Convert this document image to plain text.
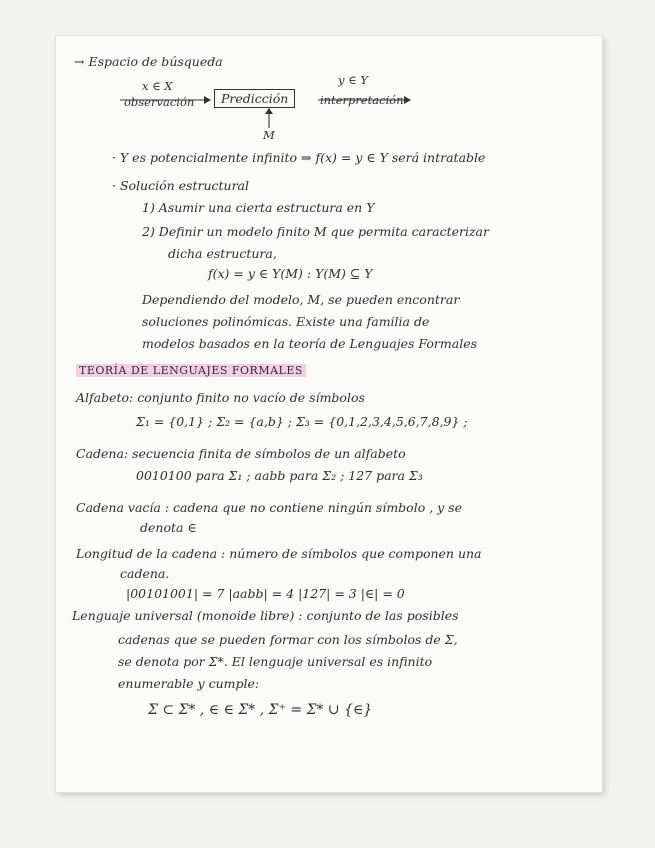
→ Espacio de búsqueda
x ∈ X	y ∈ Y
observación	Predicción	interpretación
M
· Y es potencialmente infinito ⇒ f(x) = y ∈ Y será intratable
· Solución estructural
1) Asumir una cierta estructura en Y
2) Definir un modelo finito M que permita caracterizar
dicha estructura,
f(x) = y ∈ Y(M) : Y(M) ⊆ Y
Dependiendo del modelo, M, se pueden encontrar
soluciones polinómicas. Existe una familia de
modelos basados en la teoría de Lenguajes Formales
TEORÍA DE LENGUAJES FORMALES
Alfabeto: conjunto finito no vacío de símbolos
Σ₁ = {0,1} ; Σ₂ = {a,b} ; Σ₃ = {0,1,2,3,4,5,6,7,8,9} ;
Cadena: secuencia finita de símbolos de un alfabeto
0010100 para Σ₁ ; aabb para Σ₂ ; 127 para Σ₃
Cadena vacía : cadena que no contiene ningún símbolo , y se
denota ∈
Longitud de la cadena : número de símbolos que componen una
cadena.
|00101001| = 7 |aabb| = 4 |127| = 3 |∈| = 0
Lenguaje universal (monoide libre) : conjunto de las posibles
cadenas que se pueden formar con los símbolos de Σ,
se denota por Σ*. El lenguaje universal es infinito
enumerable y cumple:
Σ ⊂ Σ* , ∈ ∈ Σ* , Σ⁺ = Σ* ∪ {∈}
